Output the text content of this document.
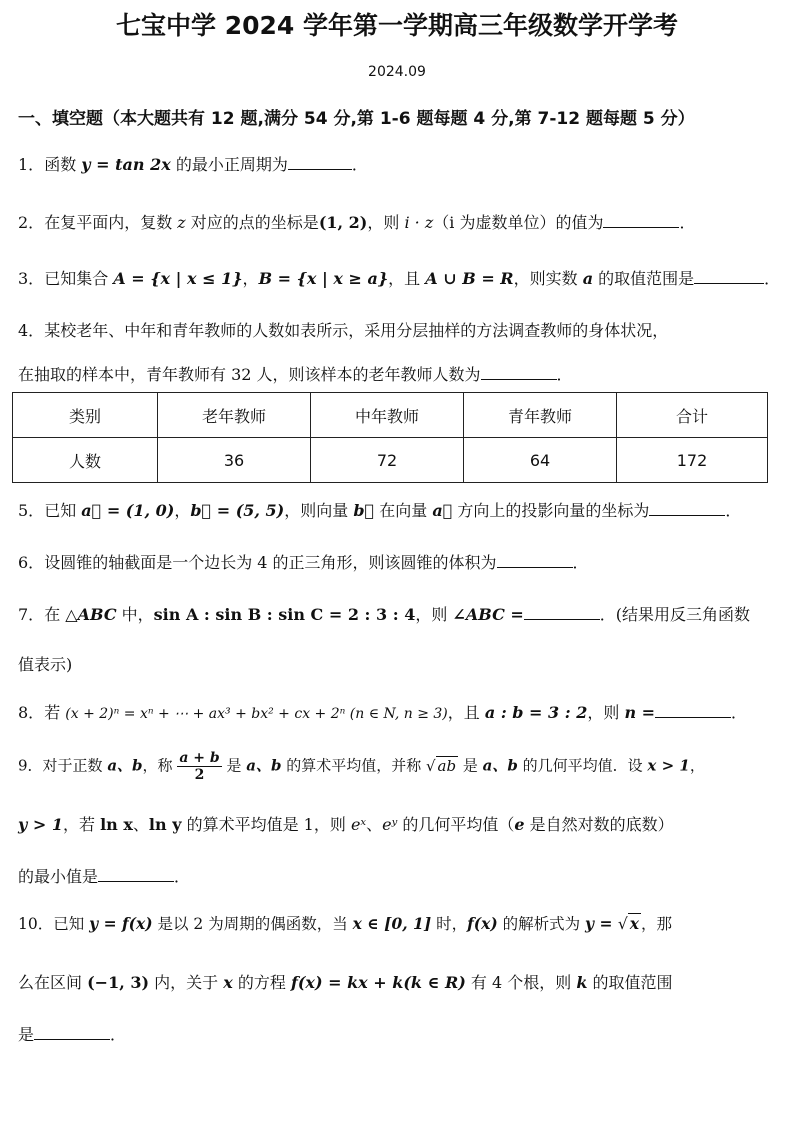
七宝中学 2024 学年第一学期高三年级数学开学考
2024.09
一、填空题（本大题共有 12 题,满分 54 分,第 1-6 题每题 4 分,第 7-12 题每题 5 分）
1．函数 y = tan 2x 的最小正周期为	．
2．在复平面内，复数 z 对应的点的坐标是(1, 2)，则 i · z（i 为虚数单位）的值为	．
3．已知集合 A = {x | x ≤ 1}，B = {x | x ≥ a}，且 A ∪ B = R，则实数 a 的取值范围是	．
4．某校老年、中年和青年教师的人数如表所示，采用分层抽样的方法调查教师的身体状况，
在抽取的样本中，青年教师有 32 人，则该样本的老年教师人数为	．
类别	老年教师	中年教师	青年教师	合计
人数	36	72	64	172
5．已知 a⃗ = (1, 0)，b⃗ = (5, 5)，则向量 b⃗ 在向量 a⃗ 方向上的投影向量的坐标为	．
6．设圆锥的轴截面是一个边长为 4 的正三角形，则该圆锥的体积为	．
7．在 △ABC 中，sin A : sin B : sin C = 2 : 3 : 4，则 ∠ABC =	．(结果用反三角函数
值表示)
8．若 (x + 2)ⁿ = xⁿ + ⋯ + ax³ + bx² + cx + 2ⁿ (n ∈ N, n ≥ 3)，且 a : b = 3 : 2，则 n =	．
9．对于正数 a、b，称 $\frac{a + b}{2}$ 是 a、b 的算术平均值，并称 √ ab 是 a、b 的几何平均值．设 x > 1，
y > 1，若 ln x、ln y 的算术平均值是 1，则 eˣ、eʸ 的几何平均值（e 是自然对数的底数）
的最小值是	．
10．已知 y = f(x) 是以 2 为周期的偶函数，当 x ∈ [0, 1] 时，f(x) 的解析式为 y = √ x ，那
么在区间 (−1, 3) 内，关于 x 的方程 f(x) = kx + k(k ∈ R) 有 4 个根，则 k 的取值范围
是	．
